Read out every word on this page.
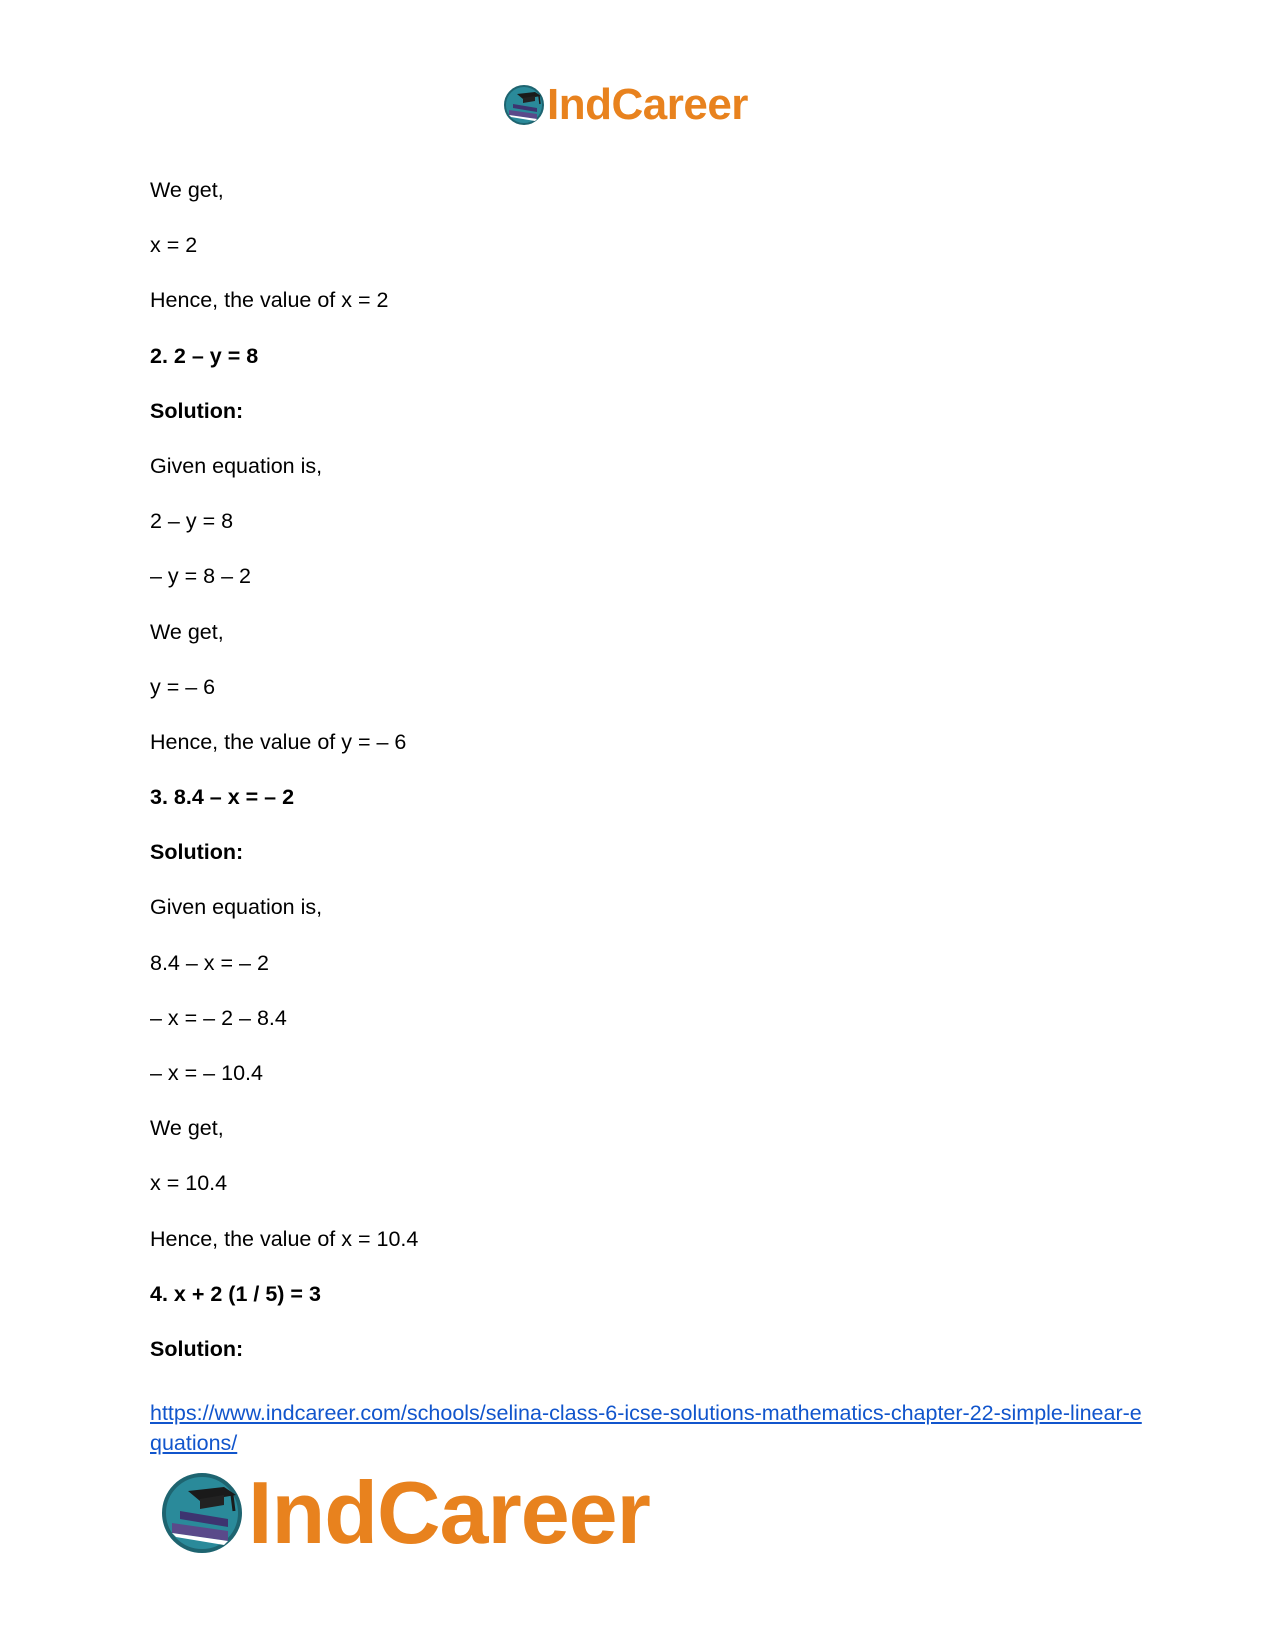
IndCareer
We get,
x = 2
Hence, the value of x = 2
2. 2 – y = 8
Solution:
Given equation is,
2 – y = 8
– y = 8 – 2
We get,
y = – 6
Hence, the value of y = – 6
3. 8.4 – x = – 2
Solution:
Given equation is,
8.4 – x = – 2
– x = – 2 – 8.4
– x = – 10.4
We get,
x = 10.4
Hence, the value of x = 10.4
4. x + 2 (1 / 5) = 3
Solution:
https://www.indcareer.com/schools/selina-class-6-icse-solutions-mathematics-chapter-22-simple-linear-equations/
IndCareer
